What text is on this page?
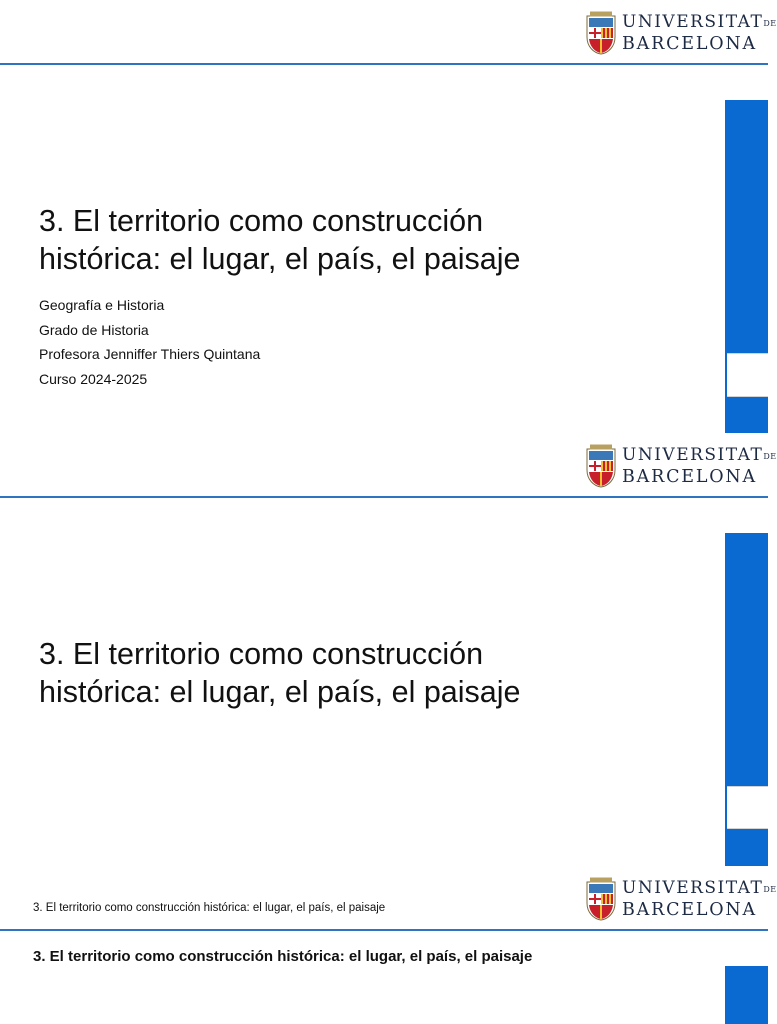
UNIVERSITATDE
BARCELONA
3. El territorio como construcción
histórica: el lugar, el país, el paisaje
Geografía e Historia
Grado de Historia
Profesora Jenniffer Thiers Quintana
Curso 2024-2025
UNIVERSITATDE
BARCELONA
3. El territorio como construcción
histórica: el lugar, el país, el paisaje
3. El territorio como construcción histórica: el lugar, el país, el paisaje
UNIVERSITATDE
BARCELONA
3. El territorio como construcción histórica: el lugar, el país, el paisaje
